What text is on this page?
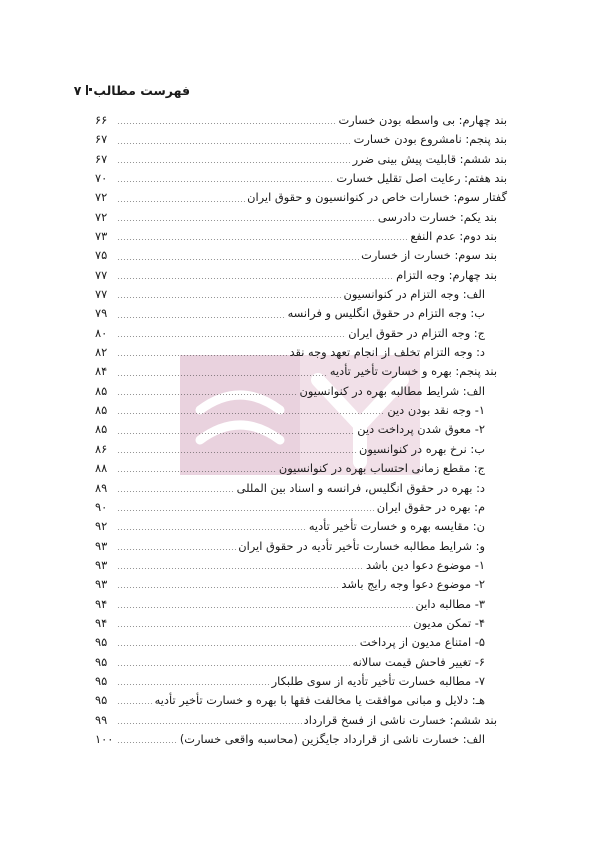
فهرست مطالب
۷
بند چهارم: بی واسطه بودن خسارت
۶۶
بند پنجم: نامشروع بودن خسارت
۶۷
بند ششم: قابلیت پیش بینی ضرر
۶۷
بند هفتم: رعایت اصل تقلیل خسارت
۷۰
گفتار سوم: خسارات خاص در کنوانسیون و حقوق ایران
۷۲
بند یکم: خسارت دادرسی
۷۲
بند دوم: عدم النفع
۷۳
بند سوم: خسارت از خسارت
۷۵
بند چهارم: وجه التزام
۷۷
الف: وجه التزام در کنوانسیون
۷۷
ب: وجه التزام در حقوق انگلیس و فرانسه
۷۹
ج: وجه التزام در حقوق ایران
۸۰
د: وجه التزام تخلف از انجام تعهد وجه نقد
۸۲
بند پنجم: بهره و خسارت تأخیر تأدیه
۸۴
الف: شرایط مطالبه بهره در کنوانسیون
۸۵
۱- وجه نقد بودن دین
۸۵
۲- معوق شدن پرداخت دین
۸۵
ب: نرخ بهره در کنوانسیون
۸۶
ج: مقطع زمانی احتساب بهره در کنوانسیون
۸۸
د: بهره در حقوق انگلیس، فرانسه و اسناد بین المللی
۸۹
م: بهره در حقوق ایران
۹۰
ن: مقایسه بهره و خسارت تأخیر تأدیه
۹۲
و: شرایط مطالبه خسارت تأخیر تأدیه در حقوق ایران
۹۳
۱- موضوع دعوا دین باشد
۹۳
۲- موضوع دعوا وجه رایج باشد
۹۳
۳- مطالبه داین
۹۴
۴- تمکن مدیون
۹۴
۵- امتناع مدیون از پرداخت
۹۵
۶- تغییر فاحش قیمت سالانه
۹۵
۷- مطالبه خسارت تأخیر تأدیه از سوی طلبکار
۹۵
هـ: دلایل و مبانی موافقت یا مخالفت فقها با بهره و خسارت تأخیر تأدیه
۹۵
بند ششم: خسارت ناشی از فسخ قرارداد
۹۹
الف: خسارت ناشی از قرارداد جایگزین (محاسبه واقعی خسارت)
۱۰۰
